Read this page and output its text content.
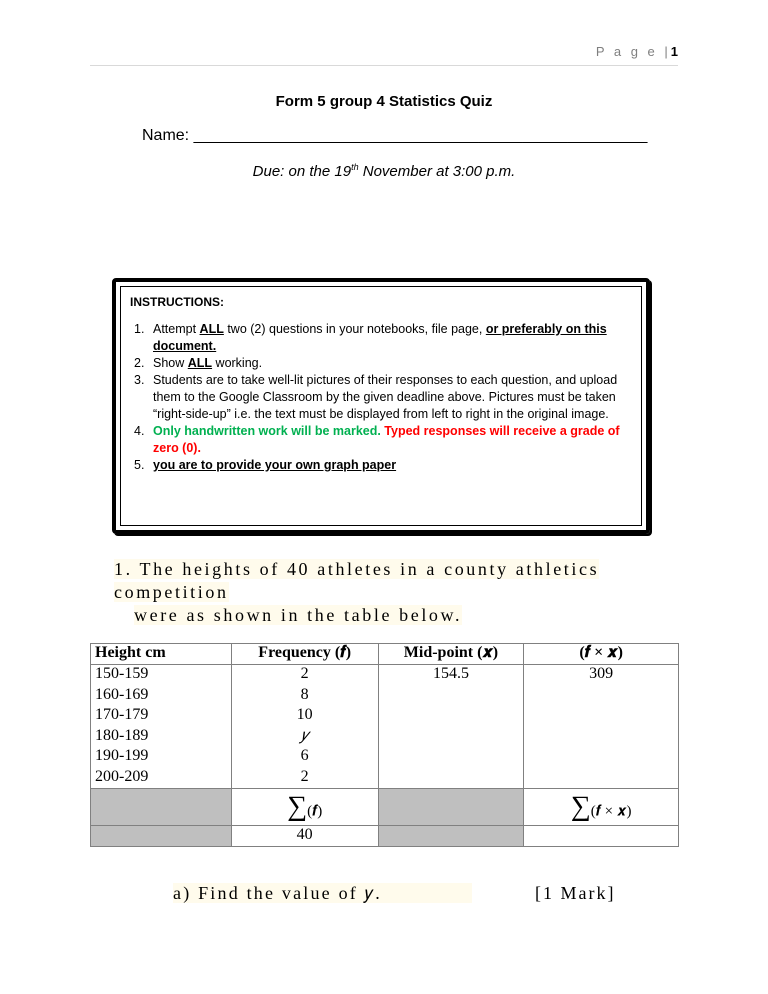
P a g e |1
Form 5 group 4 Statistics Quiz
Name: ___________________________________________________
Due: on the 19th November at 3:00 p.m.
INSTRUCTIONS:
1. Attempt ALL two (2) questions in your notebooks, file page, or preferably on this document.
2. Show ALL working.
3. Students are to take well-lit pictures of their responses to each question, and upload them to the Google Classroom by the given deadline above. Pictures must be taken “right-side-up” i.e. the text must be displayed from left to right in the original image.
4. Only handwritten work will be marked. Typed responses will receive a grade of zero (0).
5. you are to provide your own graph paper
1. The heights of 40 athletes in a county athletics competition
were as shown in the table below.
Height cm	Frequency (𝒇)	Mid-point (𝒙)	(𝒇 × 𝒙)
150-159	2	154.5	309
160-169	8		
170-179	10		
180-189	𝑦		
190-199	6		
200-209	2		
	∑(𝒇)		∑(𝒇 × 𝒙)
	40		
a) Find the value of 𝑦.	[1 Mark]
